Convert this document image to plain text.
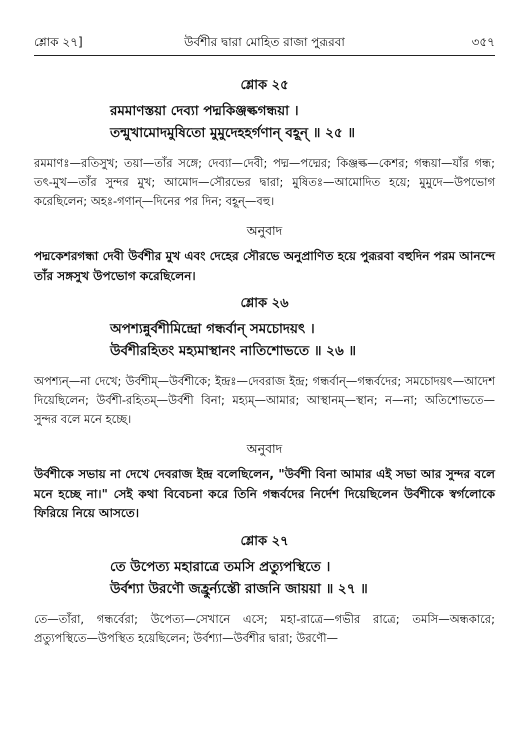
শ্লোক ২৭]	উর্বশীর দ্বারা মোহিত রাজা পুরূরবা	৩৫৭
শ্লোক ২৫
রমমাণস্তয়া দেব্যা পদ্মকিঞ্জল্কগন্ধয়া ।
তন্মুখামোদমুষিতো মুমুদেহহর্গণান্ বহূন্ ॥ ২৫ ॥
রমমাণঃ—রতিসুখ; তয়া—তাঁর সঙ্গে; দেব্যা—দেবী; পদ্ম—পদ্মের; কিঞ্জল্ক—কেশর; গন্ধয়া—যাঁর গন্ধ; তৎ-মুখ—তাঁর সুন্দর মুখ; আমোদ—সৌরভের দ্বারা; মুষিতঃ—আমোদিত হয়ে; মুমুদে—উপভোগ করেছিলেন; অহঃ-গণান্—দিনের পর দিন; বহূন্—বহু।
অনুবাদ
পদ্মকেশরগন্ধা দেবী উর্বশীর মুখ এবং দেহের সৌরভে অনুপ্রাণিত হয়ে পুরূরবা বহুদিন পরম আনন্দে তাঁর সঙ্গসুখ উপভোগ করেছিলেন।
শ্লোক ২৬
অপশ্যন্নুর্বশীমিন্দ্রো গন্ধর্বান্ সমচোদয়ৎ ।
উর্বশীরহিতং মহ্যমাস্থানং নাতিশোভতে ॥ ২৬ ॥
অপশ্যন্—না দেখে; উর্বশীম্—উর্বশীকে; ইন্দ্রঃ—দেবরাজ ইন্দ্র; গন্ধর্বান্—গন্ধর্বদের; সমচোদয়ৎ—আদেশ দিয়েছিলেন; উর্বশী-রহিতম্—উর্বশী বিনা; মহ্যম্—আমার; আস্থানম্—স্থান; ন—না; অতিশোভতে—সুন্দর বলে মনে হচ্ছে।
অনুবাদ
উর্বশীকে সভায় না দেখে দেবরাজ ইন্দ্র বলেছিলেন, "উর্বশী বিনা আমার এই সভা আর সুন্দর বলে মনে হচ্ছে না।" সেই কথা বিবেচনা করে তিনি গন্ধর্বদের নির্দেশ দিয়েছিলেন উর্বশীকে স্বর্গলোকে ফিরিয়ে নিয়ে আসতে।
শ্লোক ২৭
তে উপেত্য মহারাত্রে তমসি প্রত্যুপস্থিতে ।
উর্বশ্যা উরণৌ জহ্রুর্ন্যস্তৌ রাজনি জায়য়া ॥ ২৭ ॥
তে—তাঁরা, গন্ধর্বেরা; উপেত্য—সেখানে এসে; মহা-রাত্রে—গভীর রাত্রে; তমসি—অন্ধকারে; প্রত্যুপস্থিতে—উপস্থিত হয়েছিলেন; উর্বশ্যা—উর্বশীর দ্বারা; উরণৌ—
